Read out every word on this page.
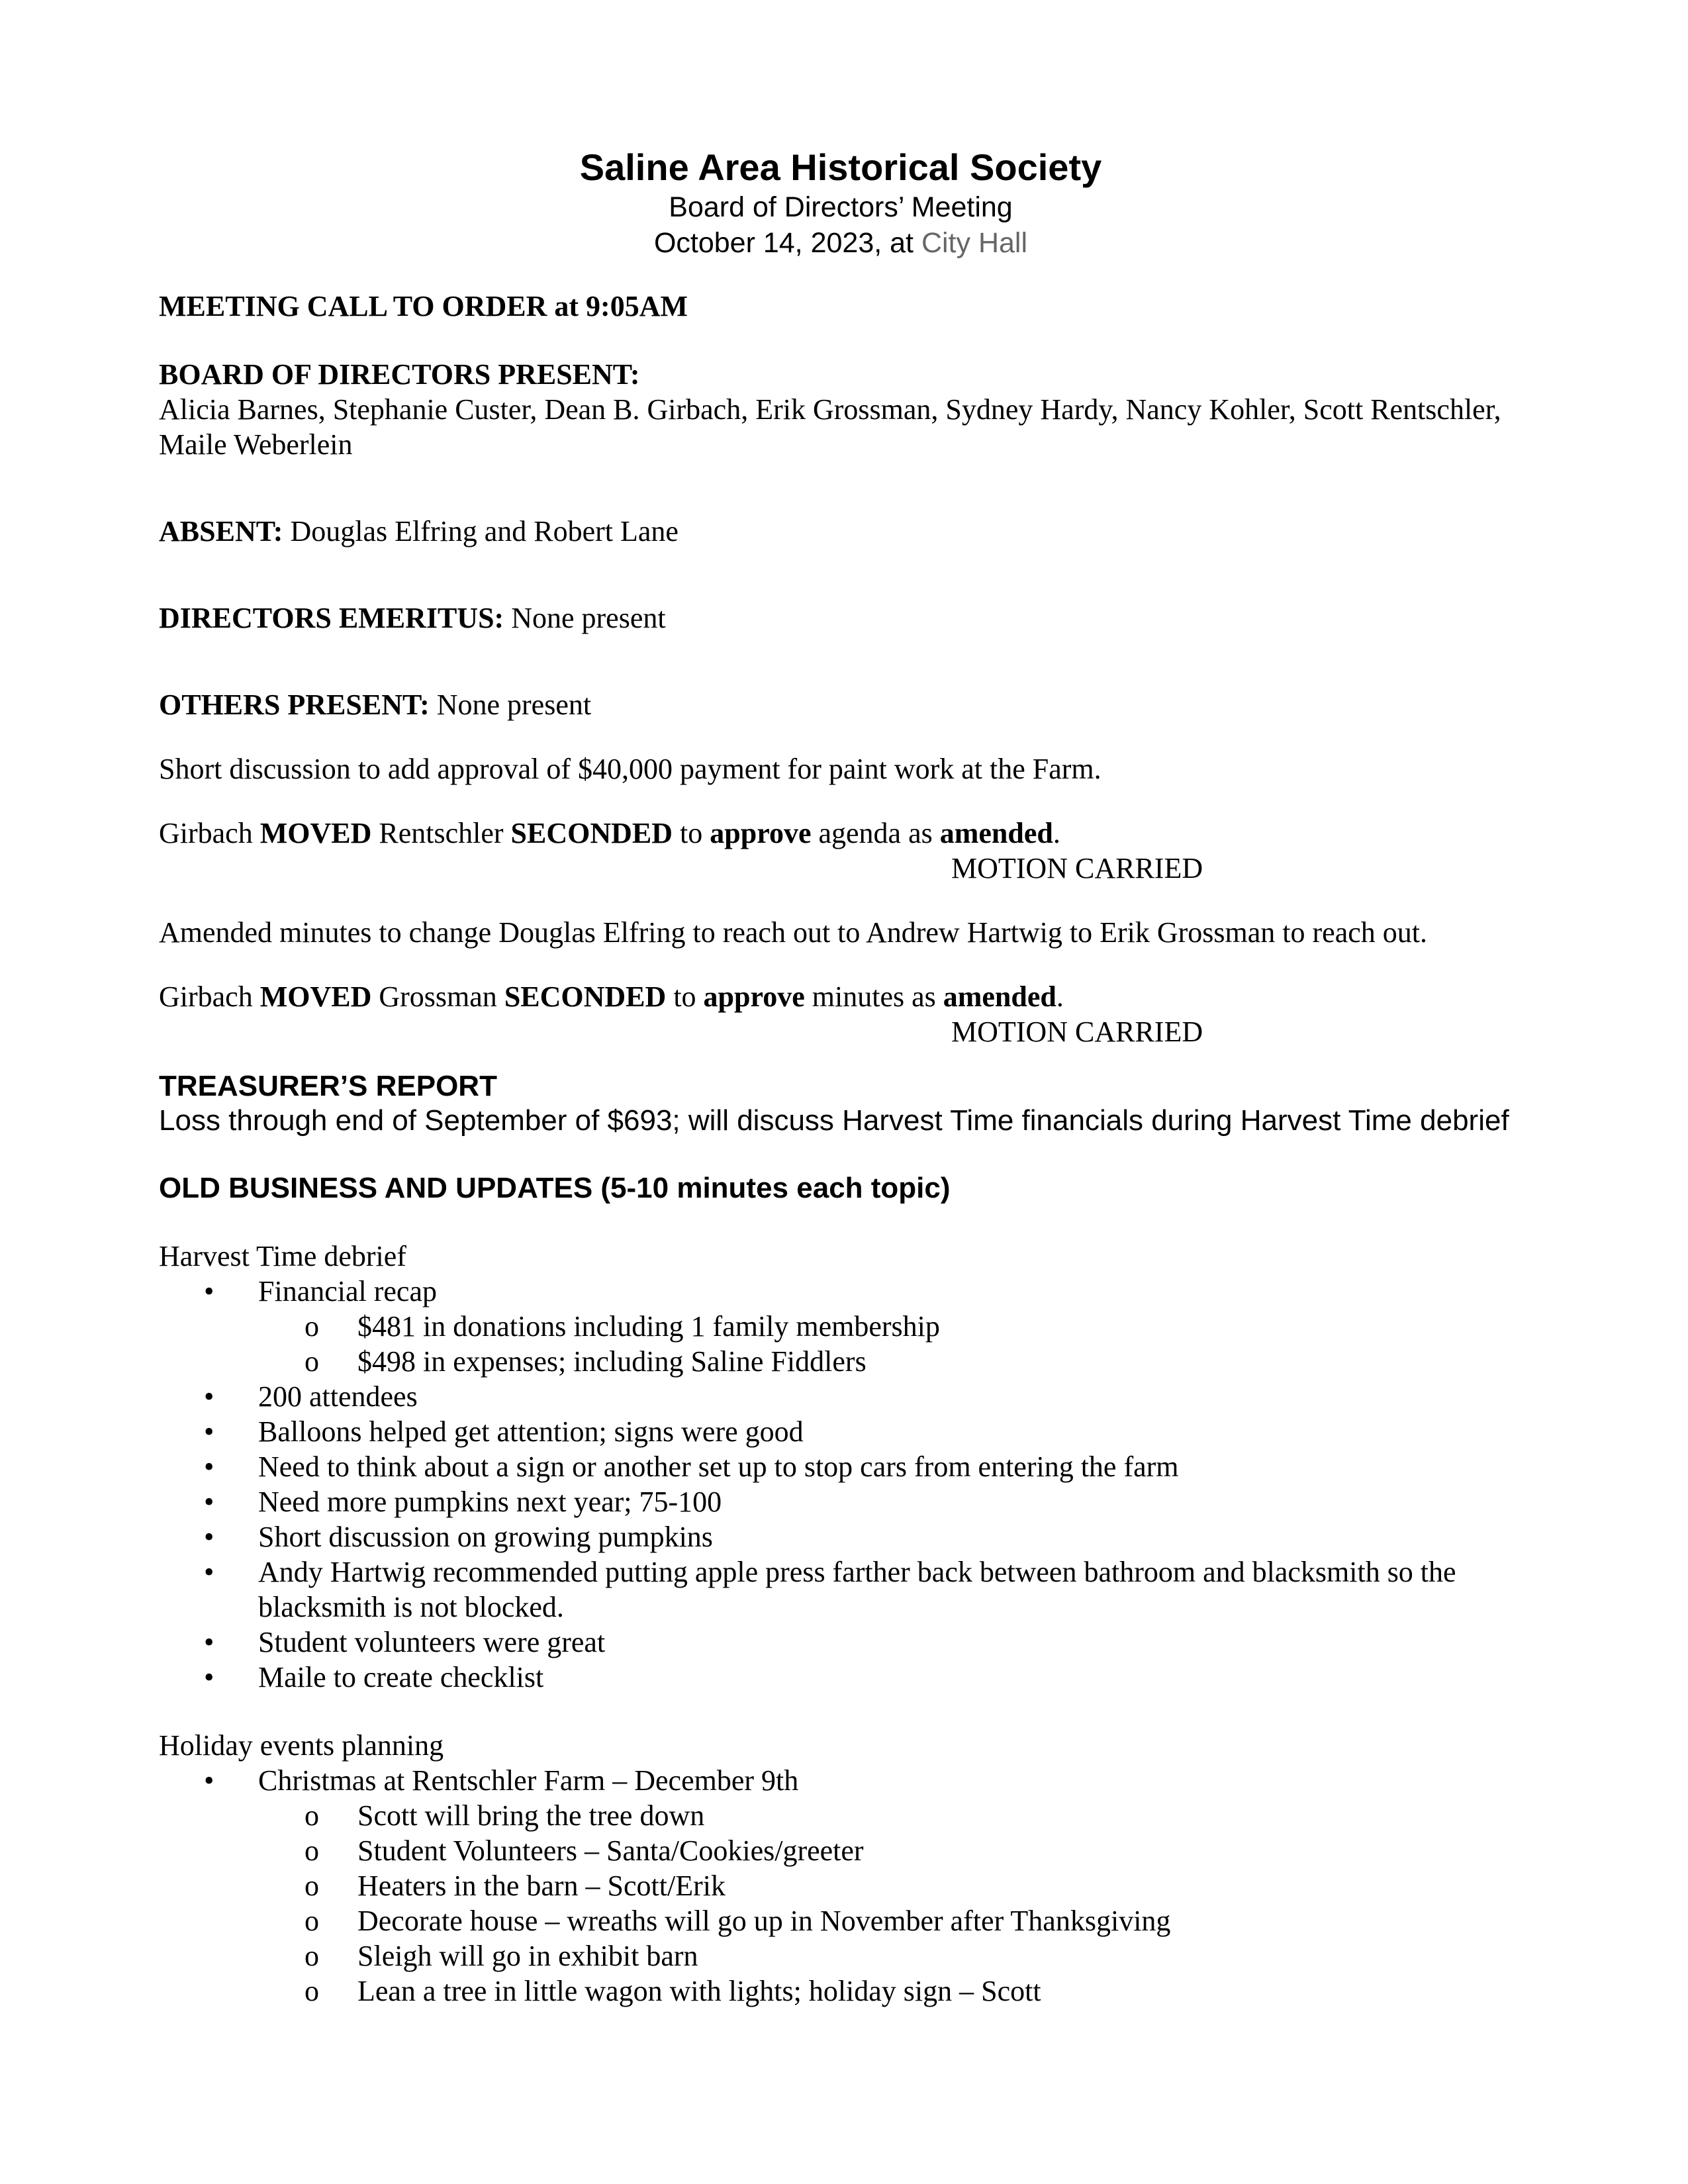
Saline Area Historical Society
Board of Directors’ Meeting
October 14, 2023, at City Hall

MEETING CALL TO ORDER at 9:05AM

BOARD OF DIRECTORS PRESENT:

Alicia Barnes, Stephanie Custer, Dean B. Girbach, Erik Grossman, Sydney Hardy, Nancy Kohler, Scott Rentschler, Maile Weberlein

ABSENT: Douglas Elfring and Robert Lane

DIRECTORS EMERITUS: None present

OTHERS PRESENT: None present

Short discussion to add approval of $40,000 payment for paint work at the Farm.

Girbach MOVED Rentschler SECONDED to approve agenda as amended.

MOTION CARRIED

Amended minutes to change Douglas Elfring to reach out to Andrew Hartwig to Erik Grossman to reach out.

Girbach MOVED Grossman SECONDED to approve minutes as amended.

MOTION CARRIED

TREASURER’S REPORT

Loss through end of September of $693; will discuss Harvest Time financials during Harvest Time debrief

OLD BUSINESS AND UPDATES (5-10 minutes each topic)

Harvest Time debrief

• Financial recap
o $481 in donations including 1 family membership
o $498 in expenses; including Saline Fiddlers
• 200 attendees
• Balloons helped get attention; signs were good
• Need to think about a sign or another set up to stop cars from entering the farm
• Need more pumpkins next year; 75-100
• Short discussion on growing pumpkins
• Andy Hartwig recommended putting apple press farther back between bathroom and blacksmith so the blacksmith is not blocked.
• Student volunteers were great
• Maile to create checklist

Holiday events planning

• Christmas at Rentschler Farm – December 9th
o Scott will bring the tree down
o Student Volunteers – Santa/Cookies/greeter
o Heaters in the barn – Scott/Erik
o Decorate house – wreaths will go up in November after Thanksgiving
o Sleigh will go in exhibit barn
o Lean a tree in little wagon with lights; holiday sign – Scott
